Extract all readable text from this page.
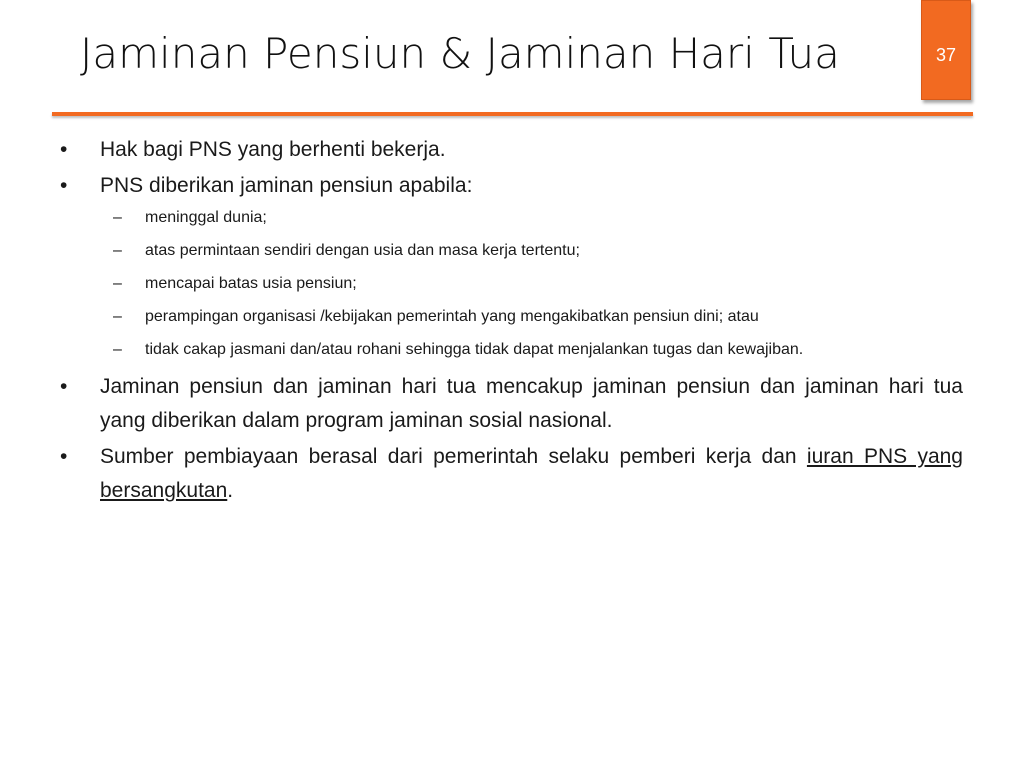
Jaminan Pensiun & Jaminan Hari Tua	37
•	Hak bagi PNS yang berhenti bekerja.
•	PNS diberikan jaminan pensiun apabila:
– meninggal dunia;
– atas permintaan sendiri dengan usia dan masa kerja tertentu;
– mencapai batas usia pensiun;
– perampingan organisasi /kebijakan pemerintah yang mengakibatkan pensiun dini; atau
– tidak cakap jasmani dan/atau rohani sehingga tidak dapat menjalankan tugas dan kewajiban.
•	Jaminan pensiun dan jaminan hari tua mencakup jaminan pensiun dan jaminan hari tua yang diberikan dalam program jaminan sosial nasional.
•	Sumber pembiayaan berasal dari pemerintah selaku pemberi kerja dan iuran PNS yang bersangkutan.
